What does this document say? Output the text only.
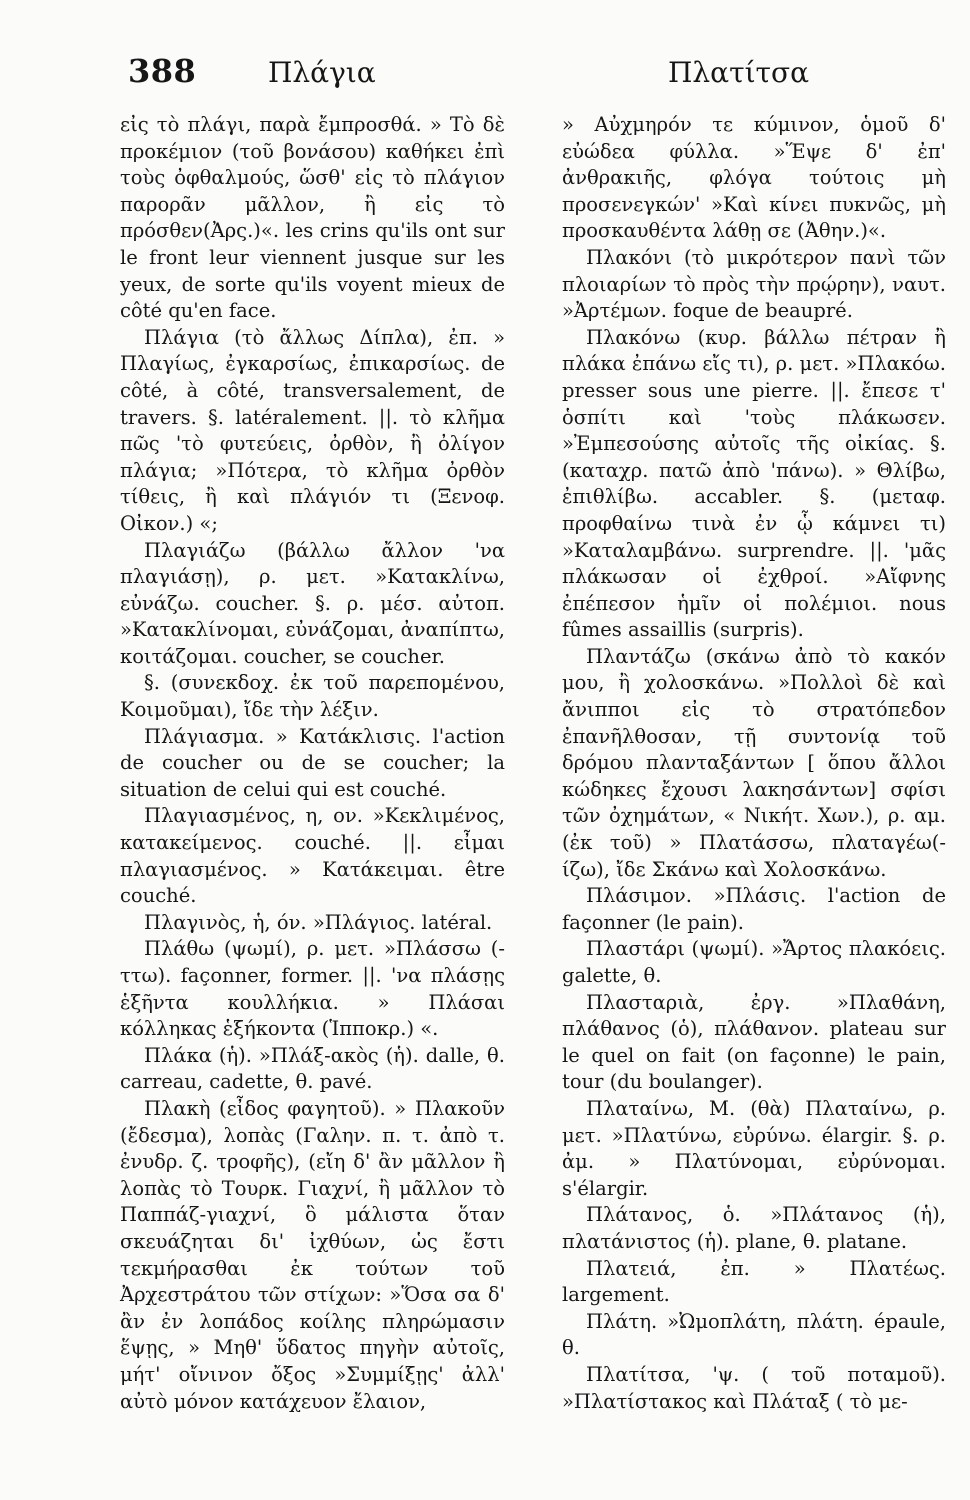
388	Πλάγια	Πλατίτσα

εἰς τὸ πλάγι, παρὰ ἔμπροσθά. » Τὸ δὲ προκέμιον (τοῦ βονάσου) καθήκει ἐπὶ τοὺς ὀφθαλμούς, ὥσθ' εἰς τὸ πλάγιον παρορᾶν μᾶλλον, ἢ εἰς τὸ πρόσθεν(Ἀρς.)«. les crins qu'ils ont sur le front leur viennent jusque sur les yeux, de sorte qu'ils voyent mieux de côté qu'en face.

Πλάγια (τὸ ἄλλως Δίπλα), ἐπ. » Πλαγίως, ἐγκαρσίως, ἐπικαρσίως. de côté, à côté, transversalement, de travers. §. latéralement. ||. τὸ κλῆμα πῶς 'τὸ φυτεύεις, ὀρθὸν, ἢ ὀλίγον πλάγια; »Πότερα, τὸ κλῆμα ὀρθὸν τίθεις, ἢ καὶ πλάγιόν τι (Ξενοφ. Οἰκον.) «;

Πλαγιάζω (βάλλω ἄλλον 'να πλαγιάσῃ), ρ. μετ. »Κατακλίνω, εὐνάζω. coucher. §. ρ. μέσ. αὐτοπ. »Κατακλίνομαι, εὐνάζομαι, ἀναπίπτω, κοιτάζομαι. coucher, se coucher.

§. (συνεκδοχ. ἐκ τοῦ παρεπομένου, Κοιμοῦμαι), ἴδε τὴν λέξιν.

Πλάγιασμα. » Κατάκλισις. l'action de coucher ou de se coucher; la situation de celui qui est couché.

Πλαγιασμένος, η, ον. »Κεκλιμένος, κατακείμενος. couché. ||. εἶμαι πλαγιασμένος. » Κατάκειμαι. être couché.

Πλαγινὸς, ἡ, όν. »Πλάγιος. latéral.

Πλάθω (ψωμί), ρ. μετ. »Πλάσσω (-ττω). façonner, former. ||. 'να πλάσῃς ἑξῆντα κουλλήκια. » Πλάσαι κόλληκας ἑξήκοντα (Ἱπποκρ.) «.

Πλάκα (ἡ). »Πλάξ-ακὸς (ἡ). dalle, θ. carreau, cadette, θ. pavé.

Πλακὴ (εἶδος φαγητοῦ). » Πλακοῦν (ἔδεσμα), λοπὰς (Γαλην. π. τ. ἀπὸ τ. ἐνυδρ. ζ. τροφῆς), (εἴη δ' ἂν μᾶλλον ἢ λοπὰς τὸ Τουρκ. Γιαχνί, ἢ μᾶλλον τὸ Παππάζ-γιαχνί, ὃ μάλιστα ὅταν σκευάζηται δι' ἰχθύων, ὡς ἔστι τεκμήρασθαι ἐκ τούτων τοῦ Ἀρχεστράτου τῶν στίχων: »Ὅσα σα δ' ἂν ἐν λοπάδος κοίλης πληρώμασιν ἕψῃς, » Μηθ' ὕδατος πηγὴν αὐτοῖς, μήτ' οἴνινον ὄξος »Συμμίξῃς' ἀλλ' αὐτὸ μόνον κατάχευον ἔλαιον,

» Αὐχμηρόν τε κύμινον, ὁμοῦ δ' εὐώδεα φύλλα. »Ἕψε δ' ἐπ' ἀνθρακιῆς, φλόγα τούτοις μὴ προσενεγκών' »Καὶ κίνει πυκνῶς, μὴ προσκαυθέντα λάθῃ σε (Ἀθην.)«.

Πλακόνι (τὸ μικρότερον πανὶ τῶν πλοιαρίων τὸ πρὸς τὴν πρῴρην), ναυτ. »Ἀρτέμων. foque de beaupré.

Πλακόνω (κυρ. βάλλω πέτραν ἢ πλάκα ἐπάνω εἴς τι), ρ. μετ. »Πλακόω. presser sous une pierre. ||. ἔπεσε τ' ὁσπίτι καὶ 'τοὺς πλάκωσεν. »Ἐμπεσούσης αὐτοῖς τῆς οἰκίας. §. (καταχρ. πατῶ ἀπὸ 'πάνω). » Θλίβω, ἐπιθλίβω. accabler. §. (μεταφ. προφθαίνω τινὰ ἐν ᾧ κάμνει τι) »Καταλαμβάνω. surprendre. ||. 'μᾶς πλάκωσαν οἱ ἐχθροί. »Αἴφνης ἐπέπεσον ἡμῖν οἱ πολέμιοι. nous fûmes assaillis (surpris).

Πλαντάζω (σκάνω ἀπὸ τὸ κακόν μου, ἢ χολοσκάνω. »Πολλοὶ δὲ καὶ ἄνιπποι εἰς τὸ στρατόπεδον ἐπανῆλθοσαν, τῇ συντονίᾳ τοῦ δρόμου πλανταξάντων [ ὅπου ἄλλοι κώδηκες ἔχουσι λακησάντων] σφίσι τῶν ὀχημάτων, « Νικήτ. Χων.), ρ. αμ. (ἐκ τοῦ) » Πλατάσσω, πλαταγέω(-ίζω), ἴδε Σκάνω καὶ Χολοσκάνω.

Πλάσιμον. »Πλάσις. l'action de façonner (le pain).

Πλαστάρι (ψωμί). »Ἄρτος πλακόεις. galette, θ.

Πλασταριὰ, ἐργ. »Πλαθάνη, πλάθανος (ὁ), πλάθανον. plateau sur le quel on fait (on façonne) le pain, tour (du boulanger).

Πλαταίνω, M. (θὰ) Πλαταίνω, ρ. μετ. »Πλατύνω, εὐρύνω. élargir. §. ρ. ἀμ. » Πλατύνομαι, εὐρύνομαι. s'élargir.

Πλάτανος, ὁ. »Πλάτανος (ἡ), πλατάνιστος (ἡ). plane, θ. platane.

Πλατειά, ἐπ. » Πλατέως. largement.

Πλάτη. »Ὠμοπλάτη, πλάτη. épaule, θ.

Πλατίτσα, 'ψ. ( τοῦ ποταμοῦ). »Πλατίστακος καὶ Πλάταξ ( τὸ με-
